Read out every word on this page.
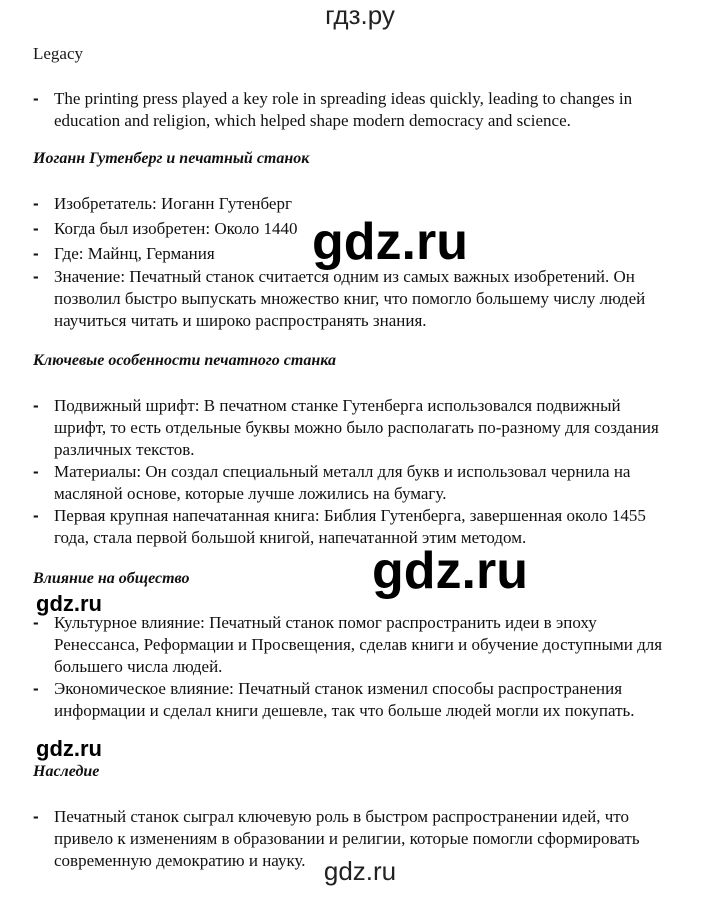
гдз.ру
Legacy
- The printing press played a key role in spreading ideas quickly, leading to changes in education and religion, which helped shape modern democracy and science.
Иоганн Гутенберг и печатный станок
- Изобретатель: Иоганн Гутенберг
- Когда был изобретен: Около 1440
- Где: Майнц, Германия
- Значение: Печатный станок считается одним из самых важных изобретений. Он позволил быстро выпускать множество книг, что помогло большему числу людей научиться читать и широко распространять знания.
Ключевые особенности печатного станка
- Подвижный шрифт: В печатном станке Гутенберга использовался подвижный шрифт, то есть отдельные буквы можно было располагать по-разному для создания различных текстов.
- Материалы: Он создал специальный металл для букв и использовал чернила на масляной основе, которые лучше ложились на бумагу.
- Первая крупная напечатанная книга: Библия Гутенберга, завершенная около 1455 года, стала первой большой книгой, напечатанной этим методом.
Влияние на общество
- Культурное влияние: Печатный станок помог распространить идеи в эпоху Ренессанса, Реформации и Просвещения, сделав книги и обучение доступными для большего числа людей.
- Экономическое влияние: Печатный станок изменил способы распространения информации и сделал книги дешевле, так что больше людей могли их покупать.
Наследие
- Печатный станок сыграл ключевую роль в быстром распространении идей, что привело к изменениям в образовании и религии, которые помогли сформировать современную демократию и науку.
gdz.ru
gdz.ru
gdz.ru
gdz.ru
gdz.ru
